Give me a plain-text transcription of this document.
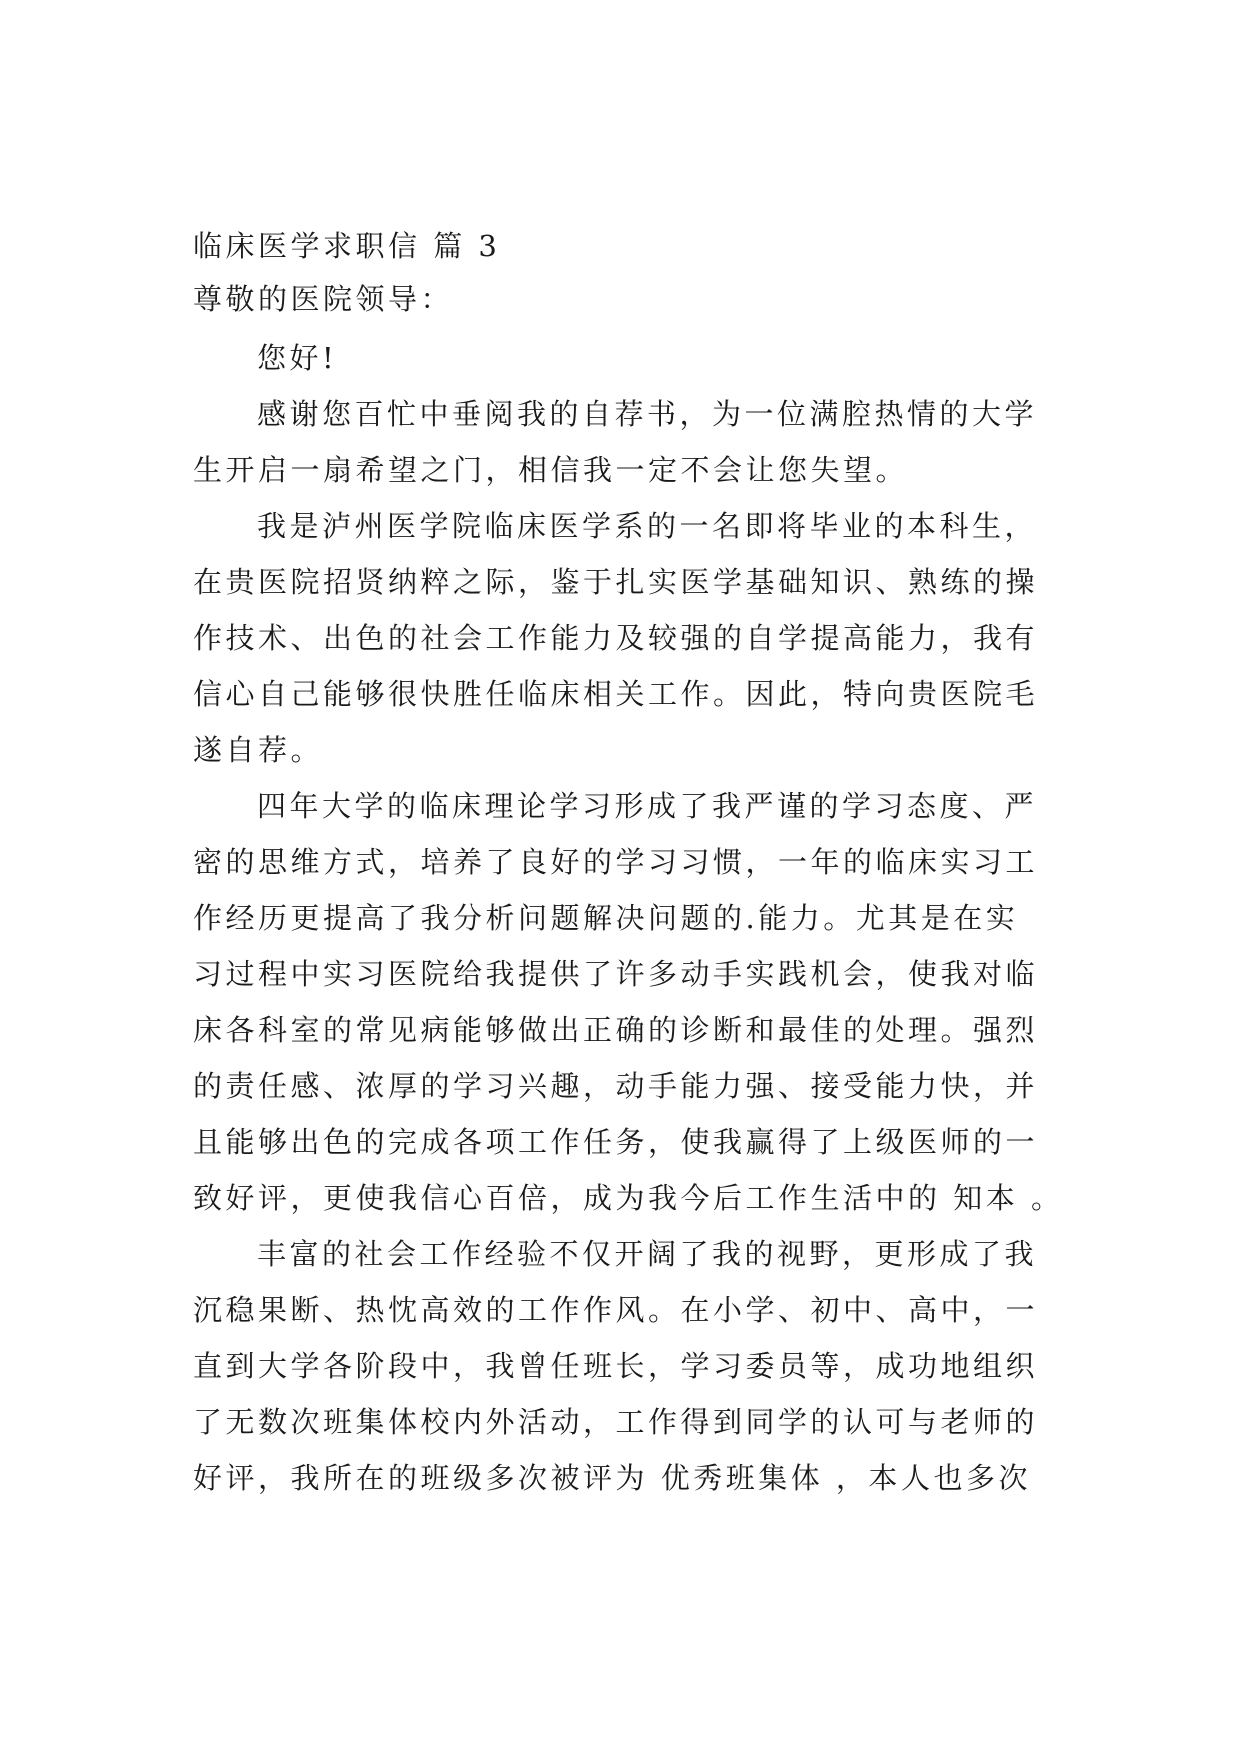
临床医学求职信 篇 3
尊敬的医院领导：
您好!
感谢您百忙中垂阅我的自荐书，为一位满腔热情的大学
生开启一扇希望之门，相信我一定不会让您失望。
我是泸州医学院临床医学系的一名即将毕业的本科生，
在贵医院招贤纳粹之际，鉴于扎实医学基础知识、熟练的操
作技术、出色的社会工作能力及较强的自学提高能力，我有
信心自己能够很快胜任临床相关工作。因此，特向贵医院毛
遂自荐。
四年大学的临床理论学习形成了我严谨的学习态度、严
密的思维方式，培养了良好的学习习惯，一年的临床实习工
作经历更提高了我分析问题解决问题的.能力。尤其是在实
习过程中实习医院给我提供了许多动手实践机会，使我对临
床各科室的常见病能够做出正确的诊断和最佳的处理。强烈
的责任感、浓厚的学习兴趣，动手能力强、接受能力快，并
且能够出色的完成各项工作任务，使我赢得了上级医师的一
致好评，更使我信心百倍，成为我今后工作生活中的 知本 。
丰富的社会工作经验不仅开阔了我的视野，更形成了我
沉稳果断、热忱高效的工作作风。在小学、初中、高中，一
直到大学各阶段中，我曾任班长，学习委员等，成功地组织
了无数次班集体校内外活动，工作得到同学的认可与老师的
好评，我所在的班级多次被评为 优秀班集体 ，本人也多次
